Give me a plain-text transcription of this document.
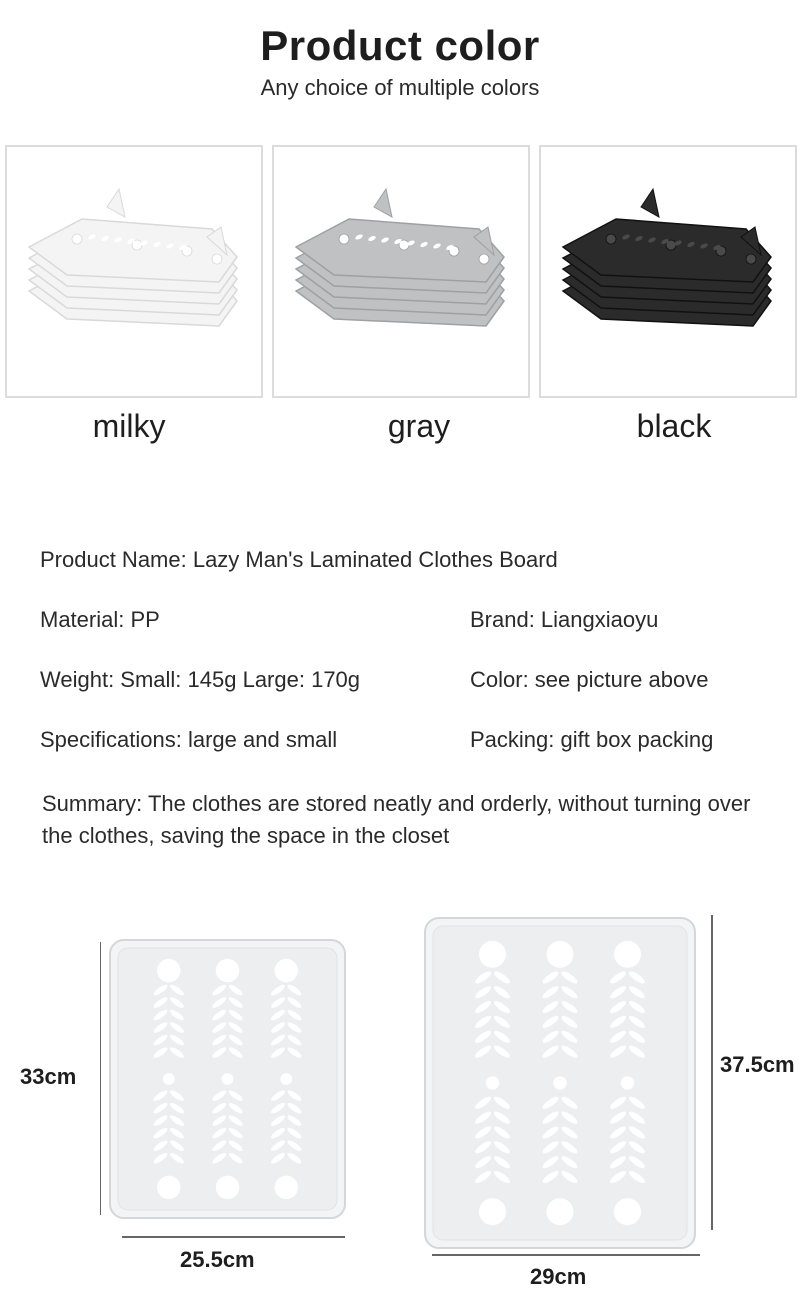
Product color
Any choice of multiple colors
milky	gray	black
Product Name: Lazy Man's Laminated Clothes Board
Material: PP	Brand: Liangxiaoyu
Weight: Small: 145g Large: 170g	Color: see picture above
Specifications: large and small	Packing: gift box packing
Summary: The clothes are stored neatly and orderly, without turning over the clothes, saving the space in the closet
33cm
25.5cm
37.5cm
29cm
